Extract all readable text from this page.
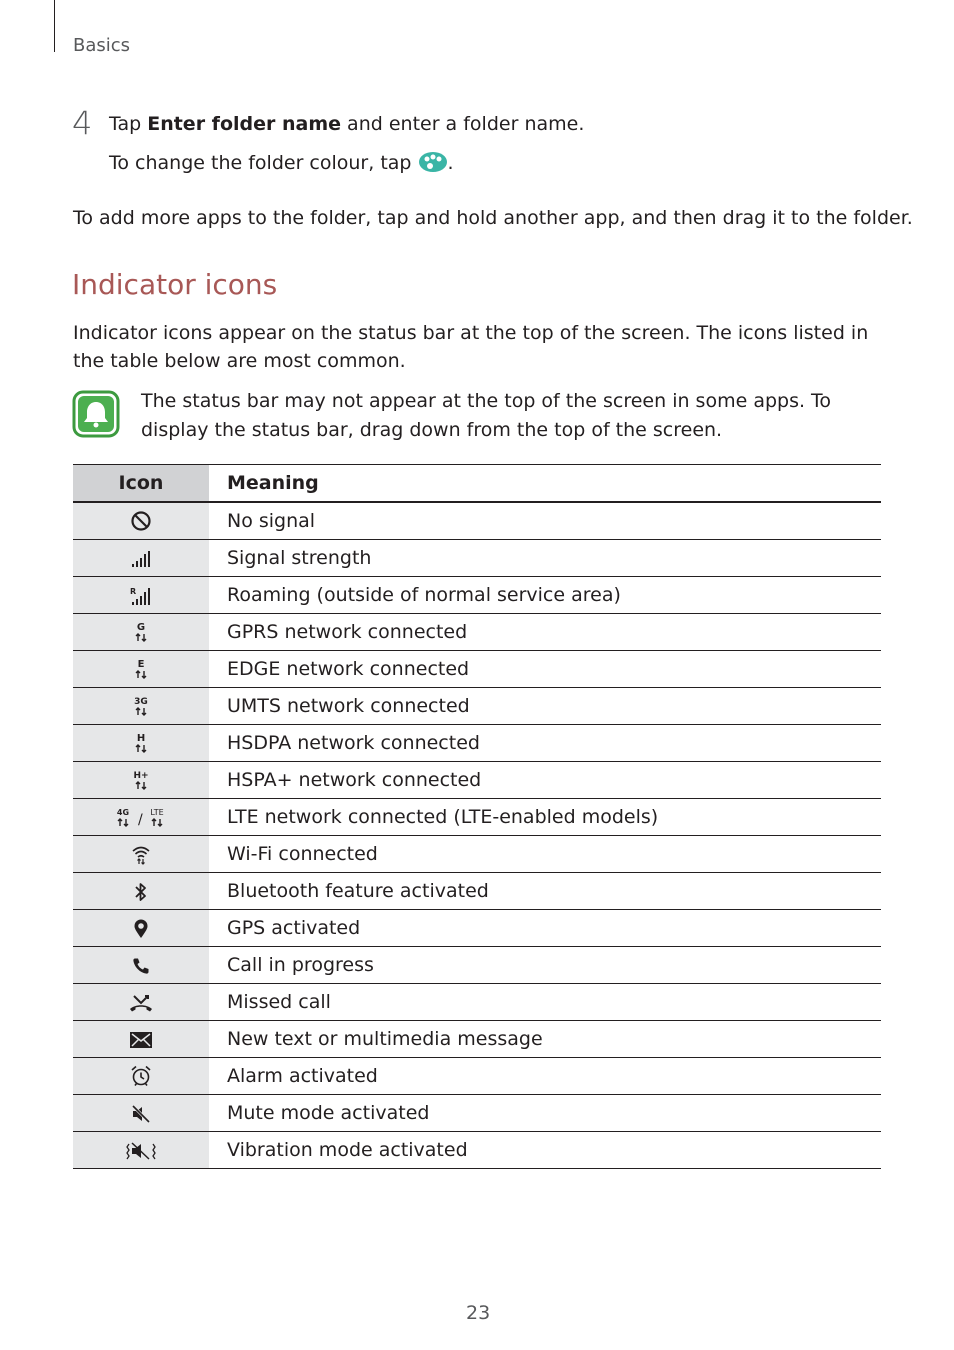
Basics
4 Tap Enter folder name and enter a folder name.
To change the folder colour, tap .
To add more apps to the folder, tap and hold another app, and then drag it to the folder.
Indicator icons
Indicator icons appear on the status bar at the top of the screen. The icons listed in the table below are most common.
The status bar may not appear at the top of the screen in some apps. To display the status bar, drag down from the top of the screen.
Icon	Meaning
	No signal
	Signal strength

R	Roaming (outside of normal service area)

G	GPRS network connected

E	EDGE network connected

3G	UMTS network connected

H	HSDPA network connected

H+	HSPA+ network connected

4G / LTE	LTE network connected (LTE-enabled models)
	Wi-Fi connected
	Bluetooth feature activated
	GPS activated
	Call in progress
	Missed call
	New text or multimedia message
	Alarm activated
	Mute mode activated
	Vibration mode activated
23
